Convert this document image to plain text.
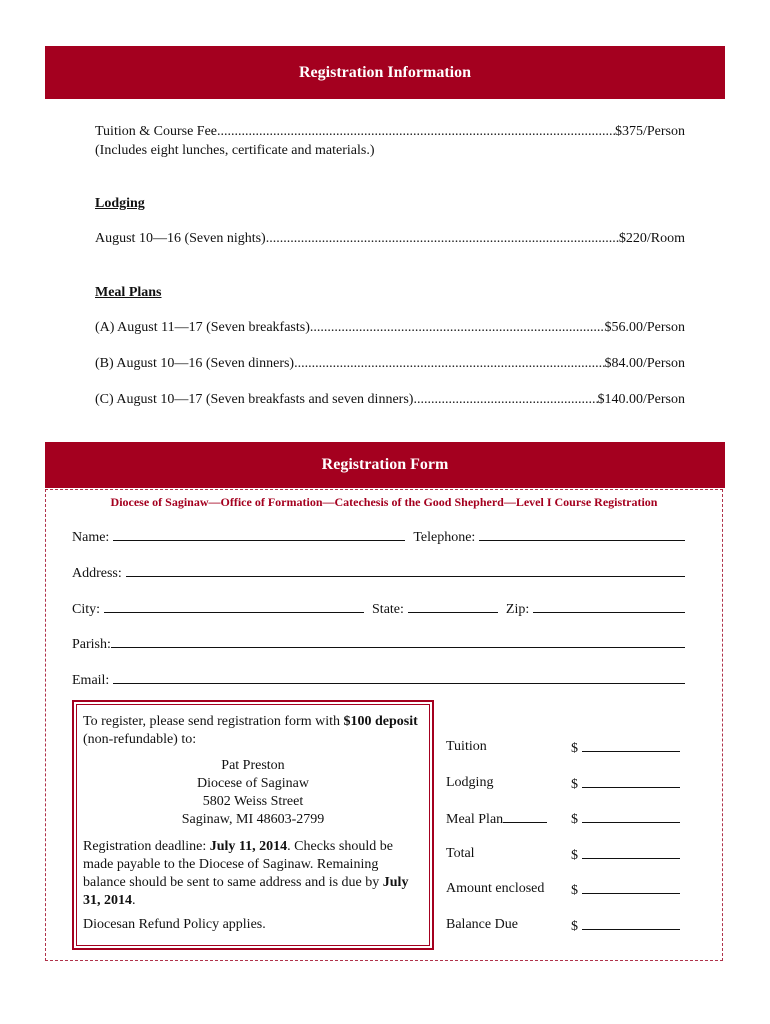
Registration Information
Tuition & Course Fee .....	$375/Person
(Includes eight lunches, certificate and materials.)
Lodging
August 10—16 (Seven nights) .....	$220/Room
Meal Plans
(A) August 11—17 (Seven breakfasts) .....	$56.00/Person
(B) August 10—16 (Seven dinners) .....	$84.00/Person
(C) August 10—17 (Seven breakfasts and seven dinners) .....	$140.00/Person
Registration Form
Diocese of Saginaw—Office of Formation—Catechesis of the Good Shepherd—Level I Course Registration
Name:	Telephone:
Address:
City:	State:	Zip:
Parish:
Email:
To register, please send registration form with $100 deposit (non-refundable) to:
Pat Preston
Diocese of Saginaw
5802 Weiss Street
Saginaw, MI 48603-2799
Registration deadline: July 11, 2014. Checks should be made payable to the Diocese of Saginaw. Remaining balance should be sent to same address and is due by July 31, 2014.
Diocesan Refund Policy applies.
Tuition	$
Lodging	$
Meal Plan	$
Total	$
Amount enclosed $
Balance Due	$
